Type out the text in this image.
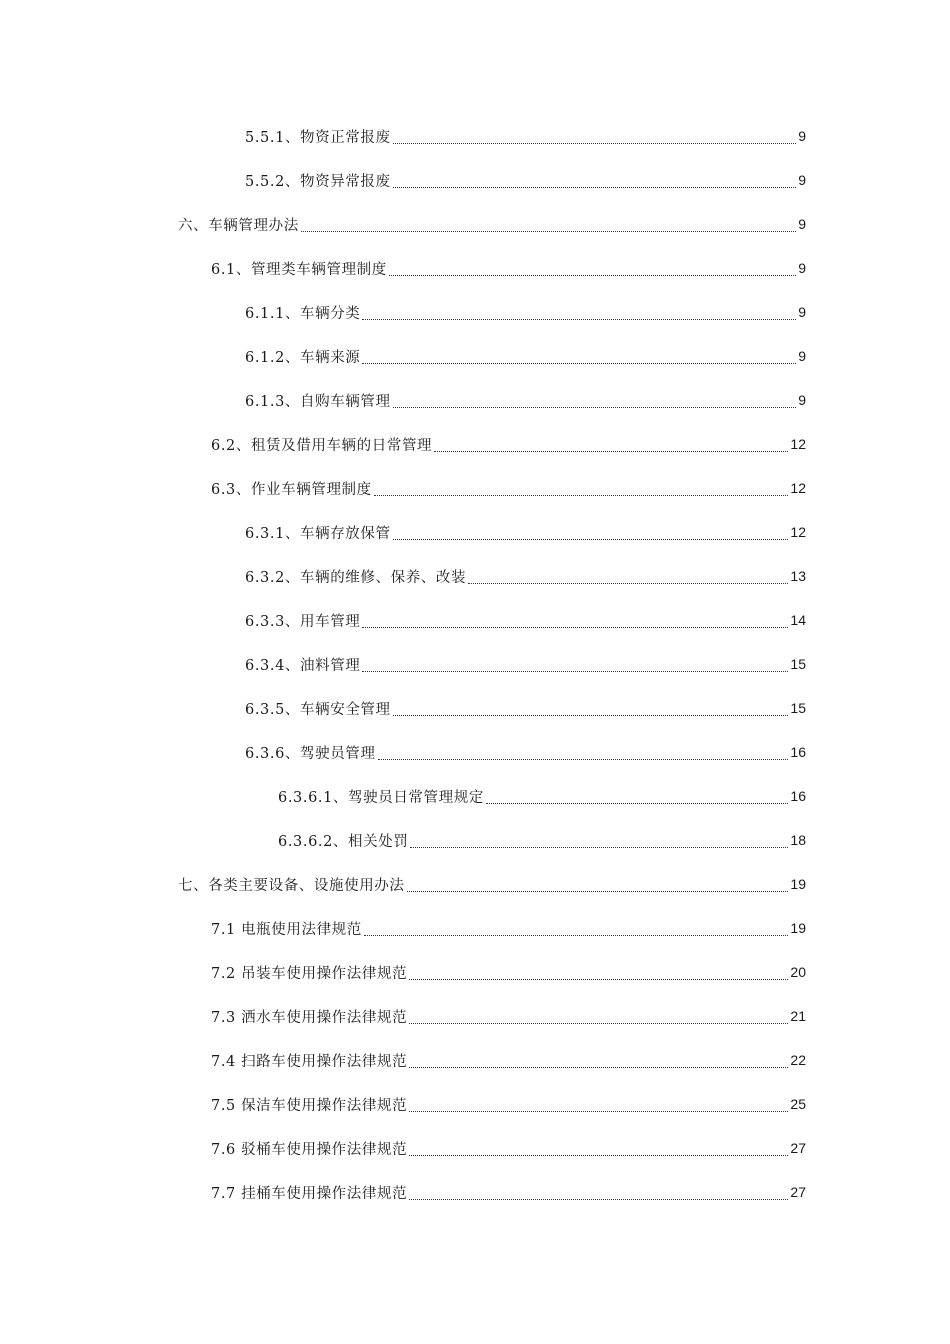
5.5.1、物资正常报废	9
5.5.2、物资异常报废	9
六、车辆管理办法	9
6.1、管理类车辆管理制度	9
6.1.1、车辆分类	9
6.1.2、车辆来源	9
6.1.3、自购车辆管理	9
6.2、租赁及借用车辆的日常管理	12
6.3、作业车辆管理制度	12
6.3.1、车辆存放保管	12
6.3.2、车辆的维修、保养、改装	13
6.3.3、用车管理	14
6.3.4、油料管理	15
6.3.5、车辆安全管理	15
6.3.6、驾驶员管理	16
6.3.6.1、驾驶员日常管理规定	16
6.3.6.2、相关处罚	18
七、各类主要设备、设施使用办法	19
7.1 电瓶使用法律规范	19
7.2 吊装车使用操作法律规范	20
7.3 洒水车使用操作法律规范	21
7.4 扫路车使用操作法律规范	22
7.5 保洁车使用操作法律规范	25
7.6 驳桶车使用操作法律规范	27
7.7 挂桶车使用操作法律规范	27
